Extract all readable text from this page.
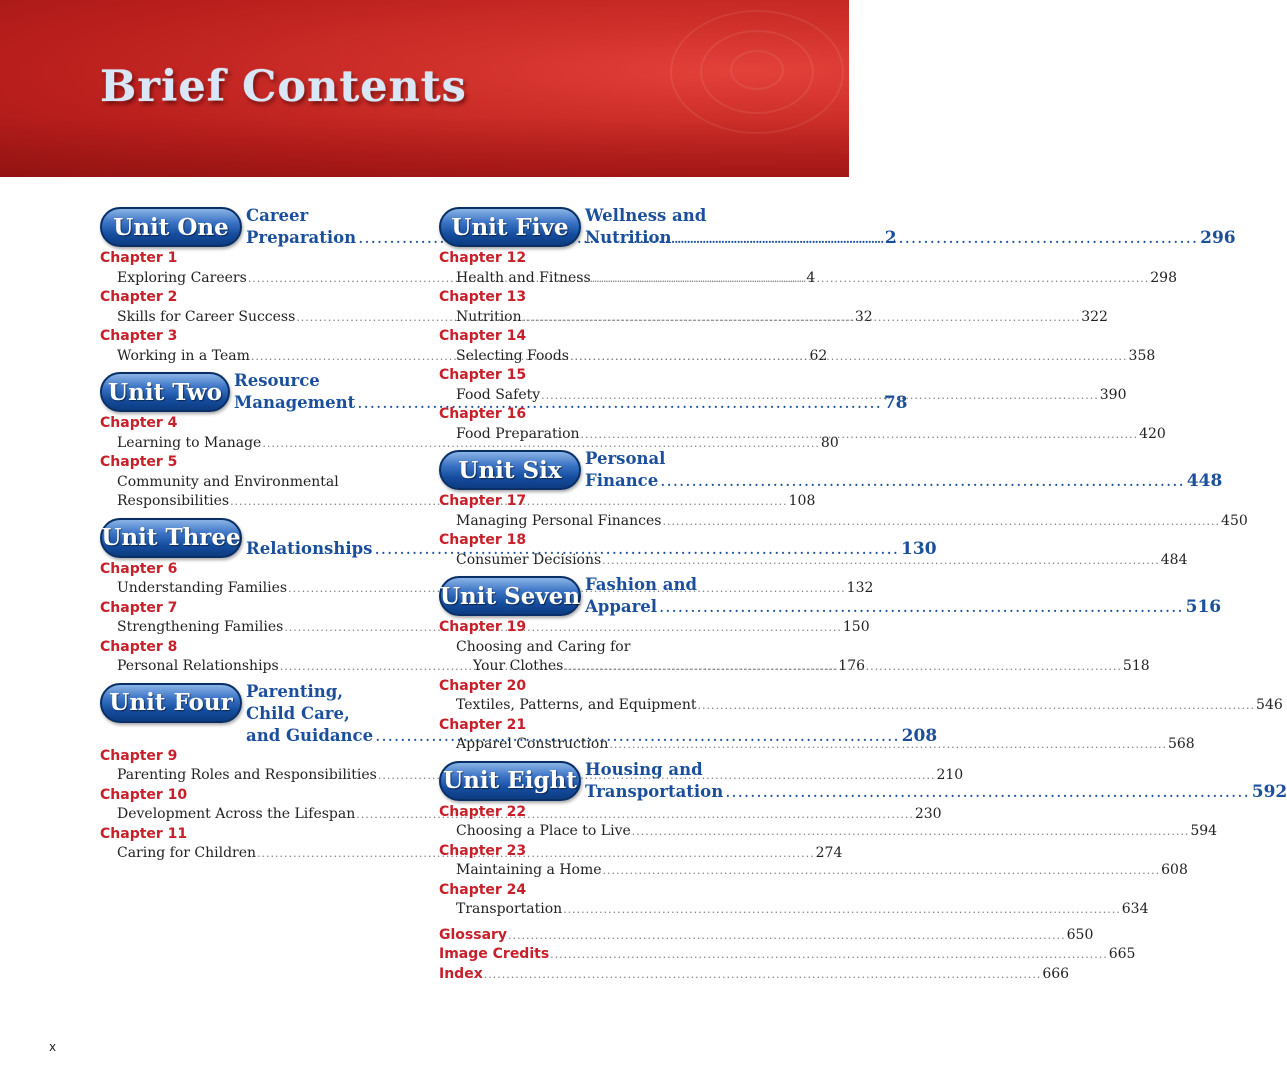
Brief Contents
Unit One	Career
Preparation .....	2
Chapter 1
Exploring Careers .....	4
Chapter 2
Skills for Career Success .....	32
Chapter 3
Working in a Team .....	62
Unit Two Resource
Management .....	78
Chapter 4
Learning to Manage .....	80
Chapter 5
Community and Environmental
Responsibilities .....	108
Unit Three
Relationships .....	130
Chapter 6
Understanding Families .....	132
Chapter 7
Strengthening Families .....	150
Chapter 8
Personal Relationships .....	176
Unit Four Parenting,
Child Care,
and Guidance .....	208
Chapter 9
Parenting Roles and Responsibilities .....	210
Chapter 10
Development Across the Lifespan .....	230
Chapter 11
Caring for Children .....	274
Unit Five Wellness and
Nutrition .....	296
Chapter 12
Health and Fitness .....	298
Chapter 13
Nutrition .....	322
Chapter 14
Selecting Foods .....	358
Chapter 15
Food Safety .....	390
Chapter 16
Food Preparation .....	420
Unit Six	Personal
Finance .....	448
Chapter 17
Managing Personal Finances .....	450
Chapter 18
Consumer Decisions .....	484
Unit Seven Fashion and
Apparel .....	516
Chapter 19
Choosing and Caring for
Your Clothes .....	518
Chapter 20
Textiles, Patterns, and Equipment .....	546
Chapter 21
Apparel Construction .....	568
Unit Eight Housing and
Transportation .....	592
Chapter 22
Choosing a Place to Live .....	594
Chapter 23
Maintaining a Home .....	608
Chapter 24
Transportation .....	634
Glossary .....	650
Image Credits .....	665
Index .....	666
x
